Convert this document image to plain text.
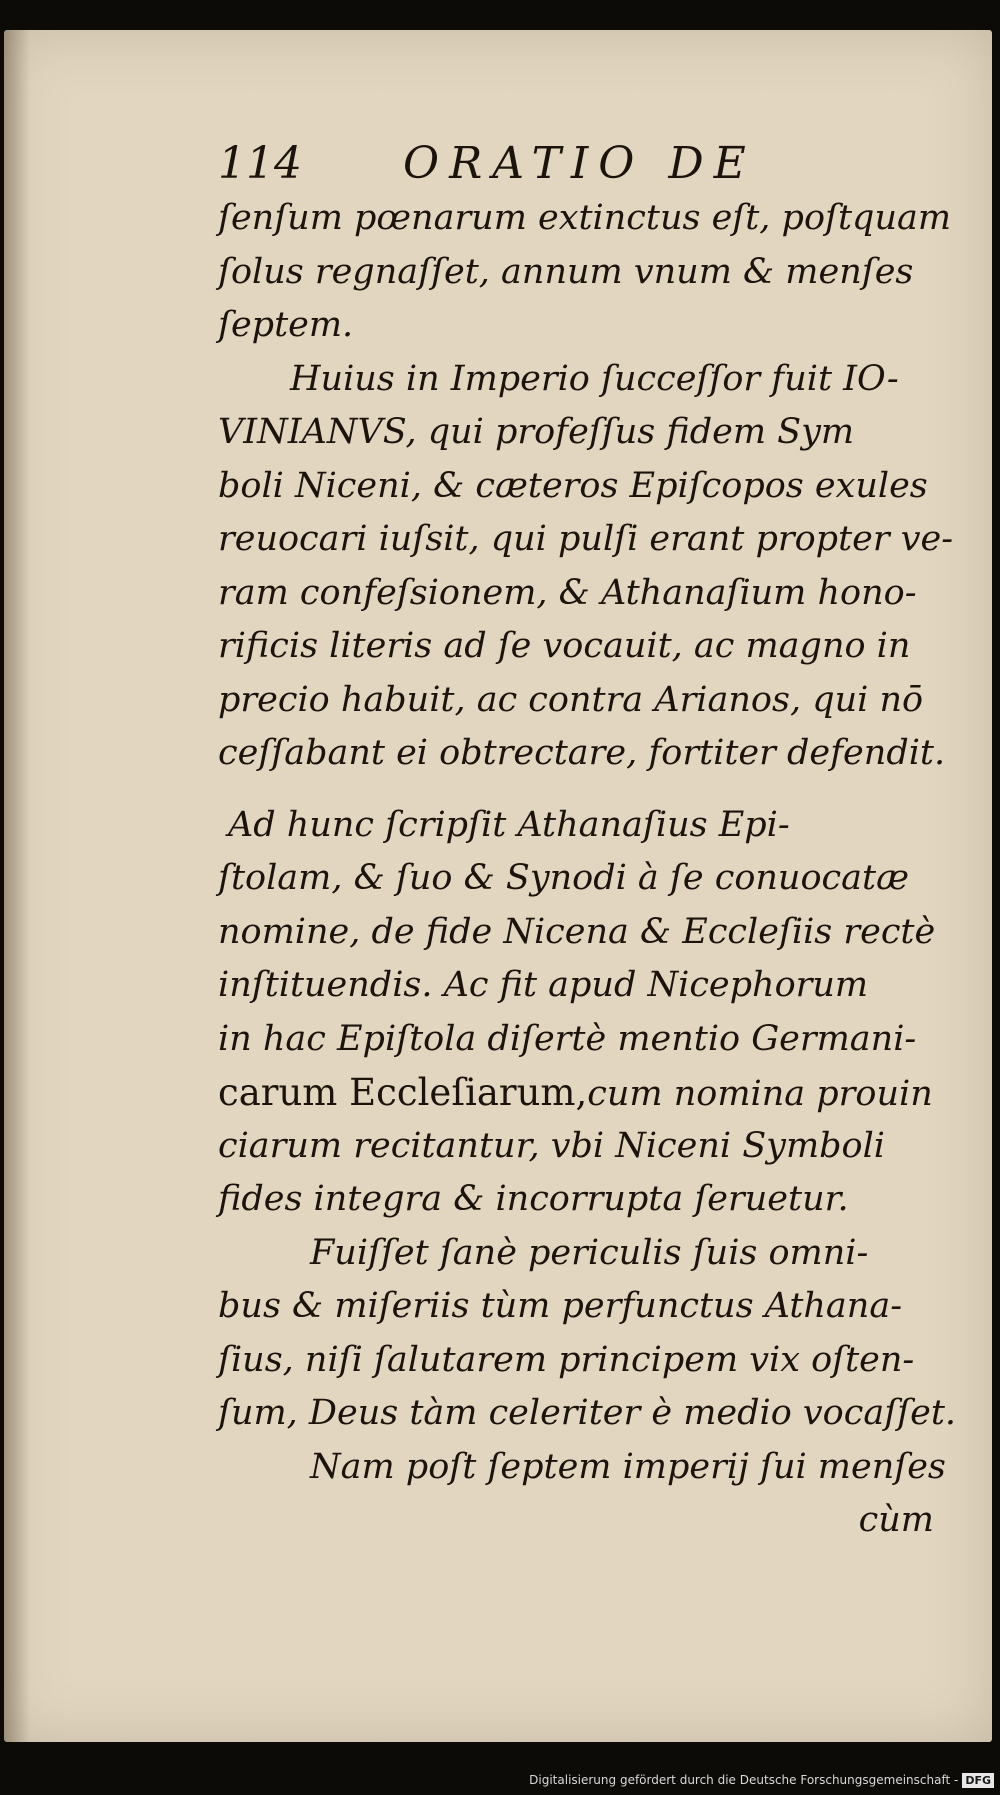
114 ORATIO DE
ſenſum pœnarum extinctus eſt, poſtquam
ſolus regnaſſet, annum vnum & menſes
ſeptem.
Huius in Imperio ſucceſſor fuit IO-
VINIANVS, qui profeſſus fidem Sym
boli Niceni, & cæteros Epiſcopos exules
reuocari iuſsit, qui pulſi erant propter ve-
ram confeſsionem, & Athanaſium hono-
rificis literis ad ſe vocauit, ac magno in
precio habuit, ac contra Arianos, qui nō
ceſſabant ei obtrectare, fortiter defendit.
Ad hunc ſcripſit Athanaſius Epi-
ſtolam, & ſuo & Synodi à ſe conuocatæ
nomine, de fide Nicena & Eccleſiis rectè
inſtituendis. Ac fit apud Nicephorum
in hac Epiſtola diſertè mentio Germani-
carum Eccleſiarum,cum nomina prouin
ciarum recitantur, vbi Niceni Symboli
fides integra & incorrupta ſeruetur.
Fuiſſet ſanè periculis ſuis omni-
bus & miſeriis tùm perfunctus Athana-
ſius, niſi ſalutarem principem vix oſten-
ſum, Deus tàm celeriter è medio vocaſſet.
Nam poſt ſeptem imperij ſui menſes
cùm
Digitalisierung gefördert durch die Deutsche Forschungsgemeinschaft - DFG
